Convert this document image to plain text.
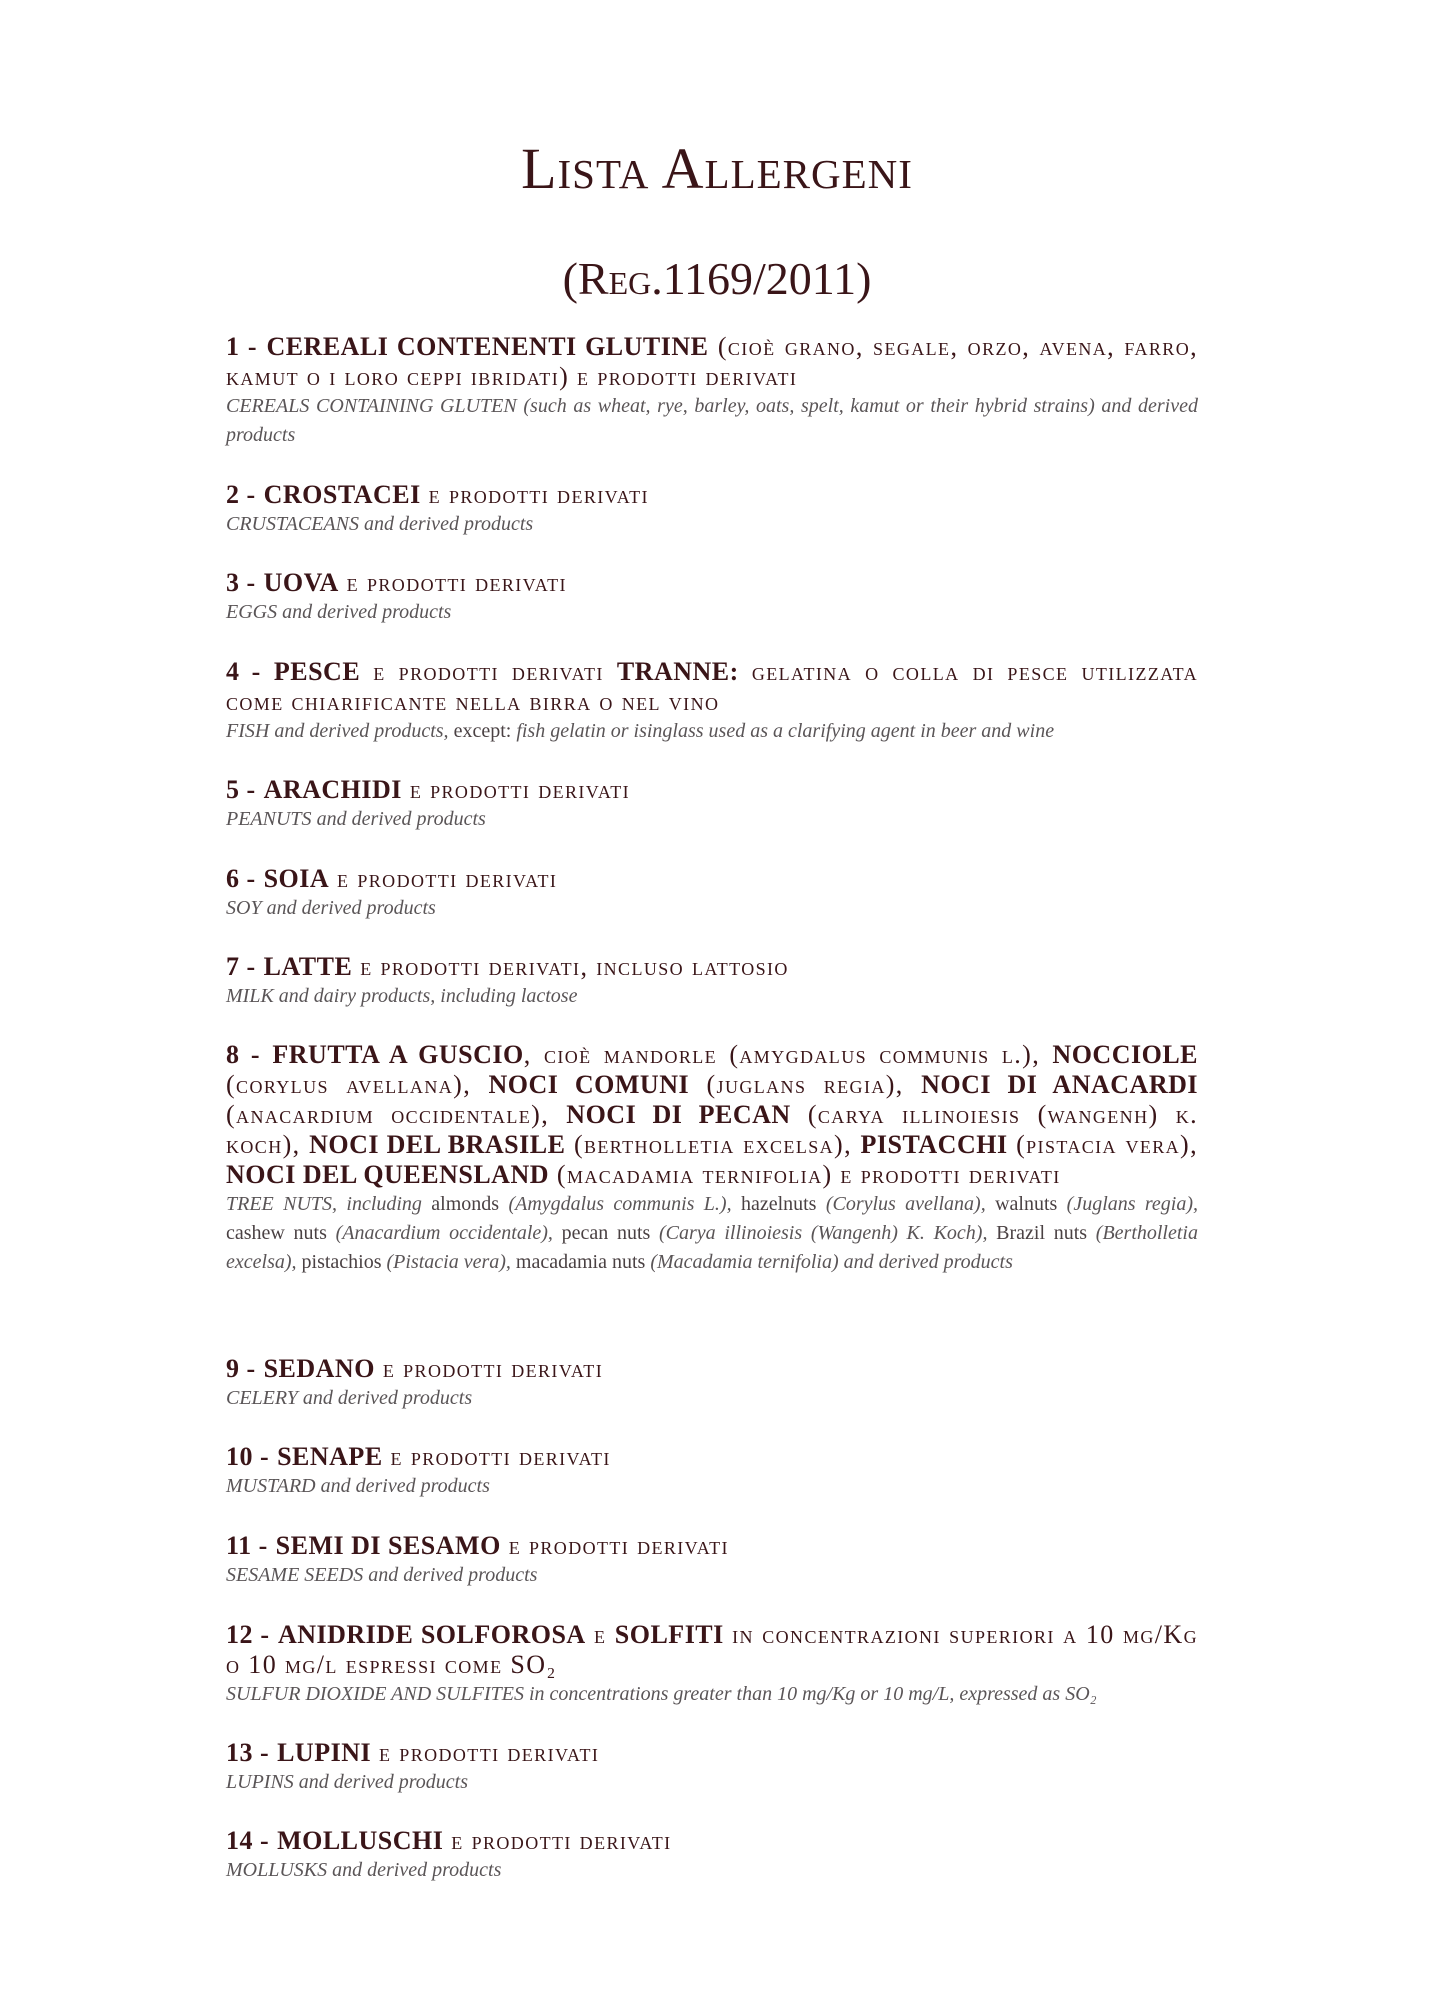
Lista Allergeni
(Reg.1169/2011)

1 - CEREALI CONTENENTI GLUTINE (cioè grano, segale, orzo, avena, farro, kamut o i loro ceppi ibridati) e prodotti derivati

CEREALS CONTAINING GLUTEN (such as wheat, rye, barley, oats, spelt, kamut or their hybrid strains) and derived products

2 - CROSTACEI e prodotti derivati

CRUSTACEANS and derived products

3 - UOVA e prodotti derivati

EGGS and derived products

4 - PESCE e prodotti derivati TRANNE: gelatina o colla di pesce utilizzata come chiarificante nella birra o nel vino

FISH and derived products, except: fish gelatin or isinglass used as a clarifying agent in beer and wine

5 - ARACHIDI e prodotti derivati

PEANUTS and derived products

6 - SOIA e prodotti derivati

SOY and derived products

7 - LATTE e prodotti derivati, incluso lattosio

MILK and dairy products, including lactose

8 - FRUTTA A GUSCIO, cioè mandorle (amygdalus communis l.), NOCCIOLE (corylus avellana), NOCI COMUNI (juglans regia), NOCI DI ANACARDI (anacardium occidentale), NOCI DI PECAN (carya illinoiesis (wangenh) k. koch), NOCI DEL BRASILE (bertholletia excelsa), PISTACCHI (pistacia vera), NOCI DEL QUEENSLAND (macadamia ternifolia) e prodotti derivati

TREE NUTS, including almonds (Amygdalus communis L.), hazelnuts (Corylus avellana), walnuts (Juglans regia), cashew nuts (Anacardium occidentale), pecan nuts (Carya illinoiesis (Wangenh) K. Koch), Brazil nuts (Bertholletia excelsa), pistachios (Pistacia vera), macadamia nuts (Macadamia ternifolia) and derived products

9 - SEDANO e prodotti derivati

CELERY and derived products

10 - SENAPE e prodotti derivati

MUSTARD and derived products

11 - SEMI DI SESAMO e prodotti derivati

SESAME SEEDS and derived products

12 - ANIDRIDE SOLFOROSA e SOLFITI in concentrazioni superiori a 10 mg/Kg o 10 mg/l espressi come SO₂

SULFUR DIOXIDE AND SULFITES in concentrations greater than 10 mg/Kg or 10 mg/L, expressed as SO₂

13 - LUPINI e prodotti derivati

LUPINS and derived products

14 - MOLLUSCHI e prodotti derivati

MOLLUSKS and derived products
